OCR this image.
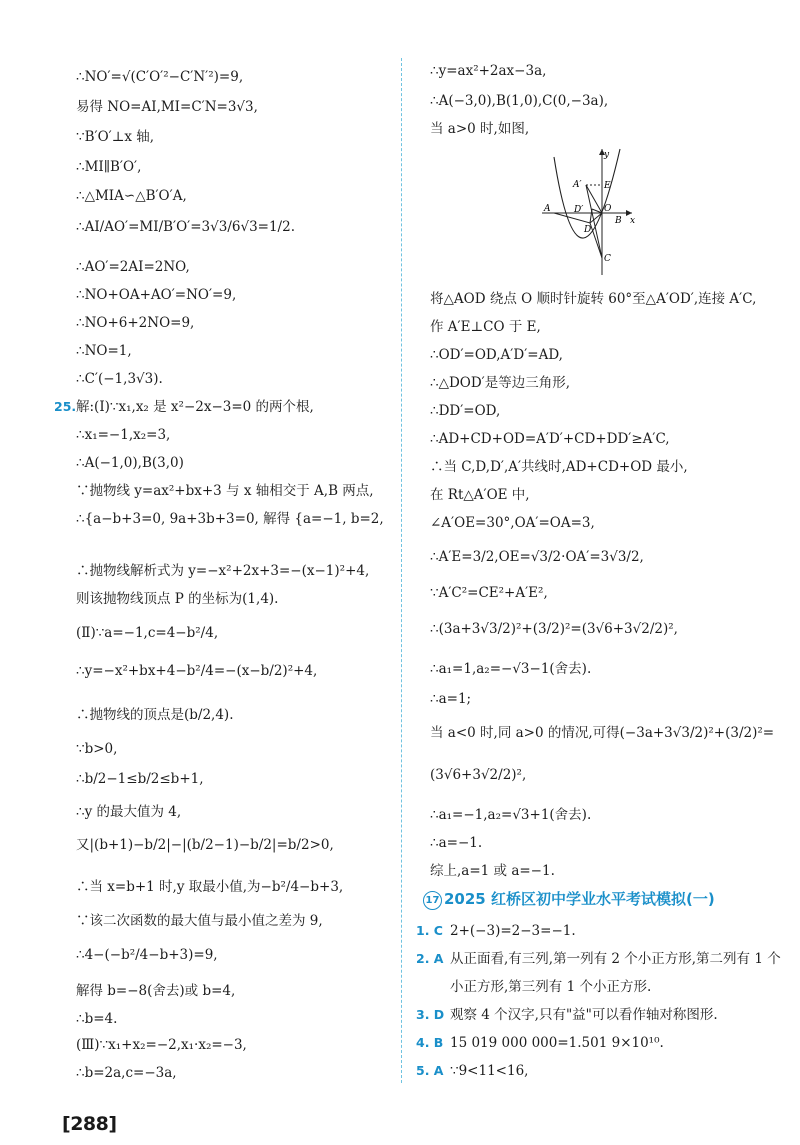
25.
y
x
A
B
C
D
D′
A′ E
O
17 2025 红桥区初中学业水平考试模拟(一)
[288]
∴NO′=√(C′O′²−C′N′²)=9,
易得 NO=AI,MI=C′N=3√3,
∵B′O′⊥x 轴,
∴MI∥B′O′,
∴△MIA∽△B′O′A,
∴AI/AO′=MI/B′O′=3√3/6√3=1/2.
∴AO′=2AI=2NO,
∴NO+OA+AO′=NO′=9,
∴NO+6+2NO=9,
∴NO=1,
∴C′(−1,3√3).
解:(Ⅰ)∵x₁,x₂ 是 x²−2x−3=0 的两个根,
∴x₁=−1,x₂=3,
∴A(−1,0),B(3,0)
∵抛物线 y=ax²+bx+3 与 x 轴相交于 A,B 两点,
∴{a−b+3=0, 9a+3b+3=0, 解得 {a=−1, b=2,
∴抛物线解析式为 y=−x²+2x+3=−(x−1)²+4,
则该抛物线顶点 P 的坐标为(1,4).
(Ⅱ)∵a=−1,c=4−b²/4,
∴y=−x²+bx+4−b²/4=−(x−b/2)²+4,
∴抛物线的顶点是(b/2,4).
∵b>0,
∴b/2−1≤b/2≤b+1,
∴y 的最大值为 4,
又|(b+1)−b/2|−|(b/2−1)−b/2|=b/2>0,
∴当 x=b+1 时,y 取最小值,为−b²/4−b+3,
∵该二次函数的最大值与最小值之差为 9,
∴4−(−b²/4−b+3)=9,
解得 b=−8(舍去)或 b=4,
∴b=4.
(Ⅲ)∵x₁+x₂=−2,x₁·x₂=−3,
∴b=2a,c=−3a,
∴y=ax²+2ax−3a,
∴A(−3,0),B(1,0),C(0,−3a),
当 a>0 时,如图,
将△AOD 绕点 O 顺时针旋转 60°至△A′OD′,连接 A′C,
作 A′E⊥CO 于 E,
∴OD′=OD,A′D′=AD,
∴△DOD′是等边三角形,
∴DD′=OD,
∴AD+CD+OD=A′D′+CD+DD′≥A′C,
∴当 C,D,D′,A′共线时,AD+CD+OD 最小,
在 Rt△A′OE 中,
∠A′OE=30°,OA′=OA=3,
∴A′E=3/2,OE=√3/2·OA′=3√3/2,
∵A′C²=CE²+A′E²,
∴(3a+3√3/2)²+(3/2)²=(3√6+3√2/2)²,
∴a₁=1,a₂=−√3−1(舍去).
∴a=1;
当 a<0 时,同 a>0 的情况,可得(−3a+3√3/2)²+(3/2)²=
(3√6+3√2/2)²,
∴a₁=−1,a₂=√3+1(舍去).
∴a=−1.
综上,a=1 或 a=−1.
1. C 2+(−3)=2−3=−1.
2. A 从正面看,有三列,第一列有 2 个小正方形,第二列有 1 个
小正方形,第三列有 1 个小正方形.
3. D 观察 4 个汉字,只有"益"可以看作轴对称图形.
4. B 15 019 000 000=1.501 9×10¹⁰.
5. A ∵9<11<16,
